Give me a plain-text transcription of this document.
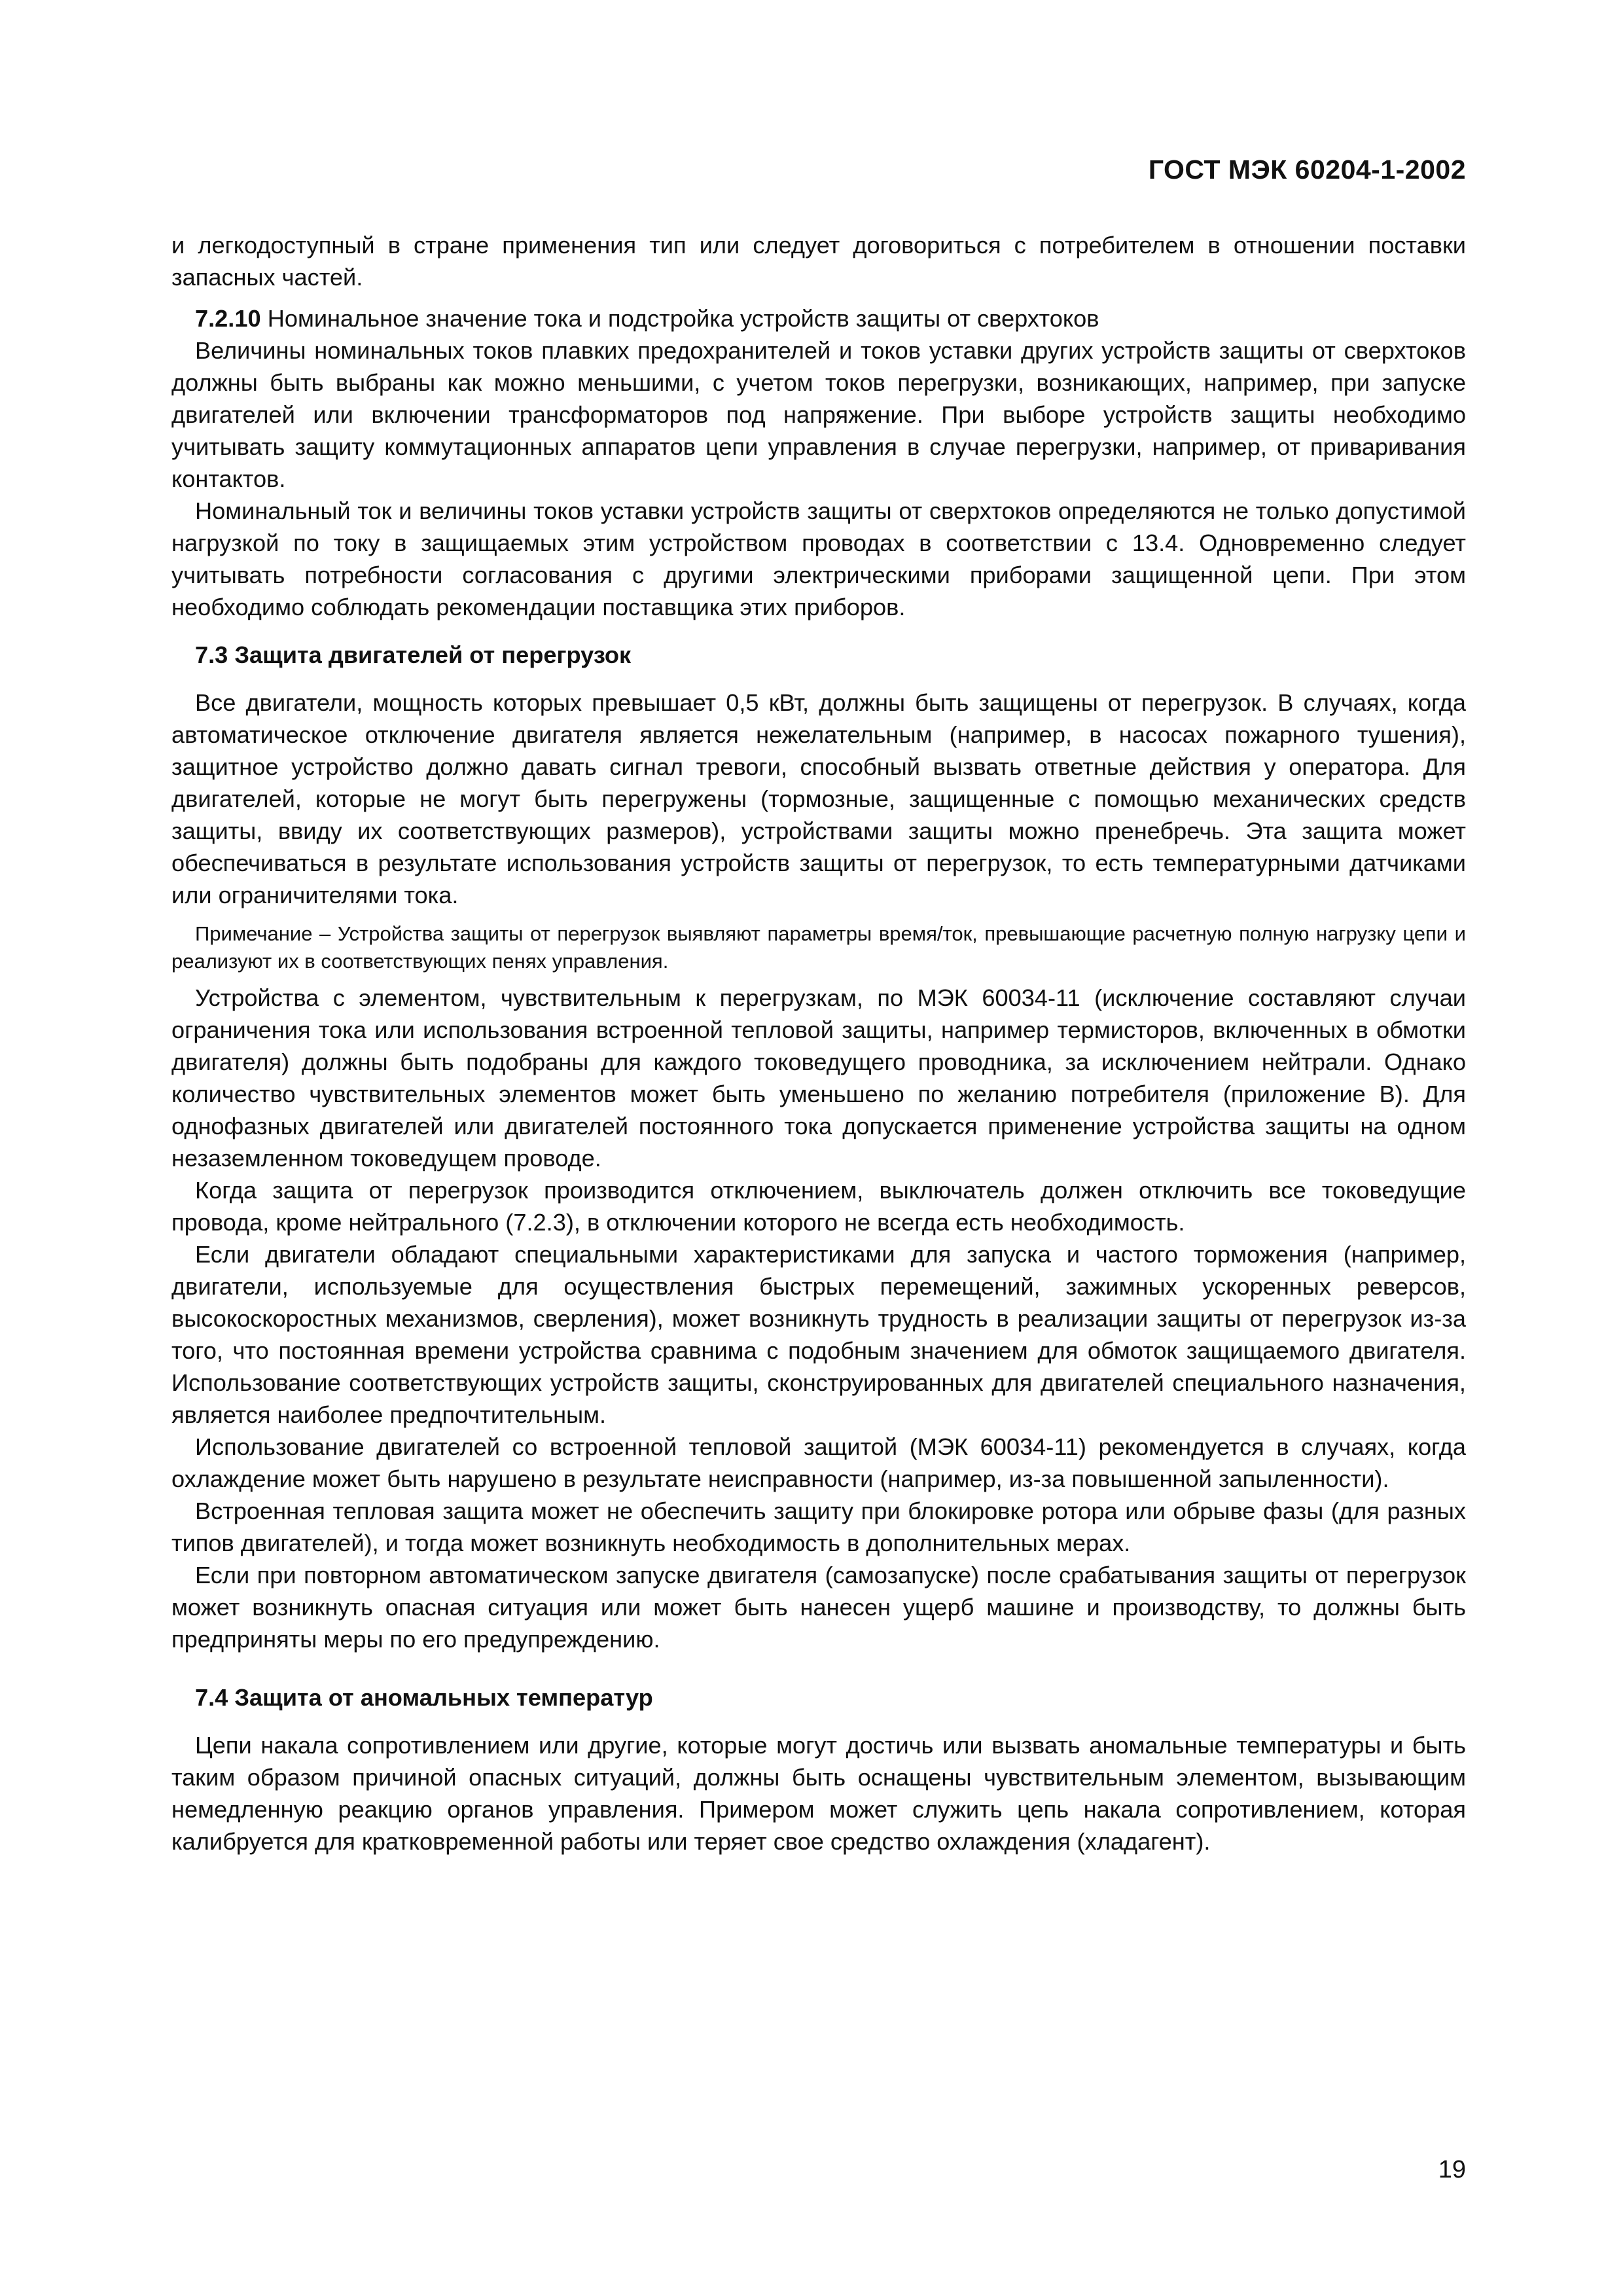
ГОСТ МЭК 60204-1-2002

и легкодоступный в стране применения тип или следует договориться с потребителем в отношении поставки запасных частей.

7.2.10 Номинальное значение тока и подстройка устройств защиты от сверхтоков

Величины номинальных токов плавких предохранителей и токов уставки других устройств защиты от сверхтоков должны быть выбраны как можно меньшими, с учетом токов перегрузки, возникающих, например, при запуске двигателей или включении трансформаторов под напряжение. При выборе устройств защиты необходимо учитывать защиту коммутационных аппаратов цепи управления в случае перегрузки, например, от приваривания контактов.

Номинальный ток и величины токов уставки устройств защиты от сверхтоков определяются не только допустимой нагрузкой по току в защищаемых этим устройством проводах в соответствии с 13.4. Одновременно следует учитывать потребности согласования с другими электрическими приборами защищенной цепи. При этом необходимо соблюдать рекомендации поставщика этих приборов.

7.3 Защита двигателей от перегрузок

Все двигатели, мощность которых превышает 0,5 кВт, должны быть защищены от перегрузок. В случаях, когда автоматическое отключение двигателя является нежелательным (например, в насосах пожарного тушения), защитное устройство должно давать сигнал тревоги, способный вызвать ответные действия у оператора. Для двигателей, которые не могут быть перегружены (тормозные, защищенные с помощью механических средств защиты, ввиду их соответствующих размеров), устройствами защиты можно пренебречь. Эта защита может обеспечиваться в результате использования устройств защиты от перегрузок, то есть температурными датчиками или ограничителями тока.

Примечание – Устройства защиты от перегрузок выявляют параметры время/ток, превышающие расчетную полную нагрузку цепи и реализуют их в соответствующих пенях управления.

Устройства с элементом, чувствительным к перегрузкам, по МЭК 60034-11 (исключение составляют случаи ограничения тока или использования встроенной тепловой защиты, например термисторов, включенных в обмотки двигателя) должны быть подобраны для каждого токоведущего проводника, за исключением нейтрали. Однако количество чувствительных элементов может быть уменьшено по желанию потребителя (приложение В). Для однофазных двигателей или двигателей постоянного тока допускается применение устройства защиты на одном незаземленном токоведущем проводе.

Когда защита от перегрузок производится отключением, выключатель должен отключить все токоведущие провода, кроме нейтрального (7.2.3), в отключении которого не всегда есть необходимость.

Если двигатели обладают специальными характеристиками для запуска и частого торможения (например, двигатели, используемые для осуществления быстрых перемещений, зажимных ускоренных реверсов, высокоскоростных механизмов, сверления), может возникнуть трудность в реализации защиты от перегрузок из-за того, что постоянная времени устройства сравнима с подобным значением для обмоток защищаемого двигателя. Использование соответствующих устройств защиты, сконструированных для двигателей специального назначения, является наиболее предпочтительным.

Использование двигателей со встроенной тепловой защитой (МЭК 60034-11) рекомендуется в случаях, когда охлаждение может быть нарушено в результате неисправности (например, из-за повышенной запыленности).

Встроенная тепловая защита может не обеспечить защиту при блокировке ротора или обрыве фазы (для разных типов двигателей), и тогда может возникнуть необходимость в дополнительных мерах.

Если при повторном автоматическом запуске двигателя (самозапуске) после срабатывания защиты от перегрузок может возникнуть опасная ситуация или может быть нанесен ущерб машине и производству, то должны быть предприняты меры по его предупреждению.

7.4 Защита от аномальных температур

Цепи накала сопротивлением или другие, которые могут достичь или вызвать аномальные температуры и быть таким образом причиной опасных ситуаций, должны быть оснащены чувствительным элементом, вызывающим немедленную реакцию органов управления. Примером может служить цепь накала сопротивлением, которая калибруется для кратковременной работы или теряет свое средство охлаждения (хладагент).

19
